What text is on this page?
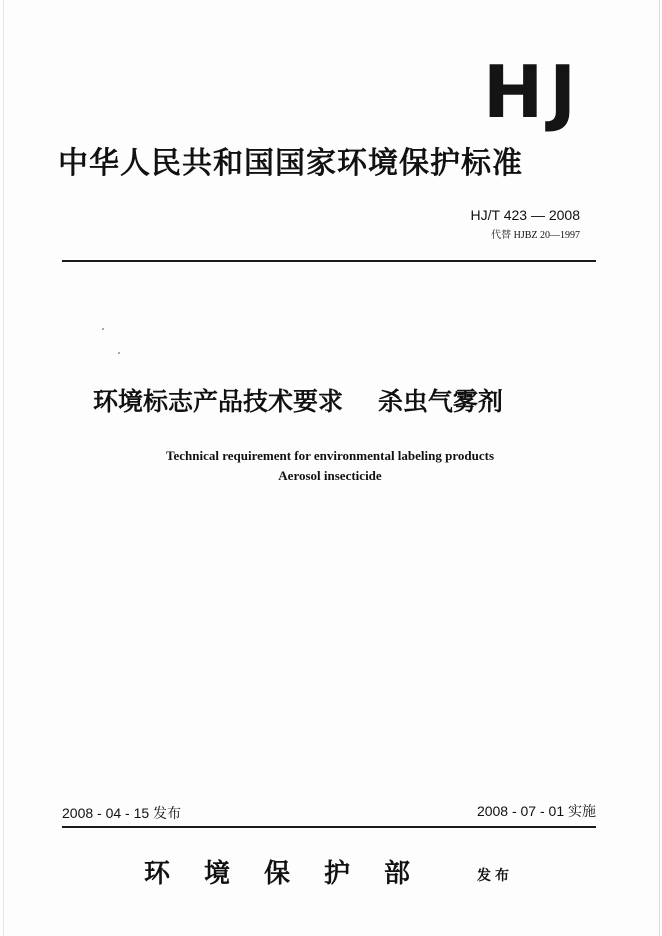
HJ
中华人民共和国国家环境保护标准
HJ/T 423 — 2008
代替 HJBZ 20—1997
环境标志产品技术要求    杀虫气雾剂
Technical requirement for environmental labeling products
Aerosol insecticide
2008 - 04 - 15 发布	2008 - 07 - 01 实施
环境保护部 发布
